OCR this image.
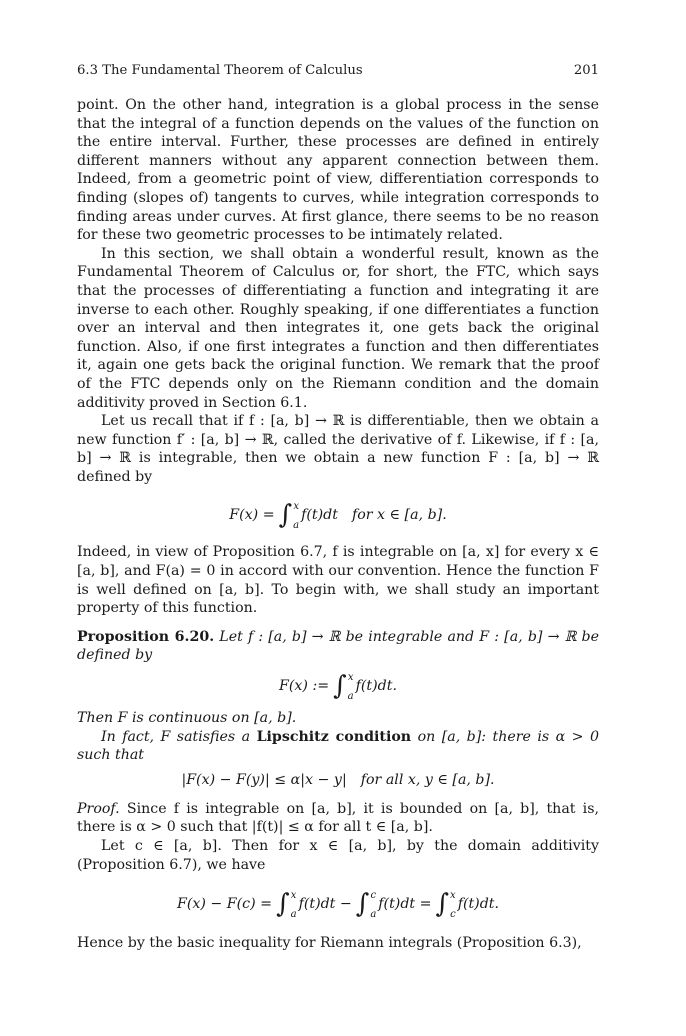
6.3 The Fundamental Theorem of Calculus	201

point. On the other hand, integration is a global process in the sense that the integral of a function depends on the values of the function on the entire interval. Further, these processes are defined in entirely different manners without any apparent connection between them. Indeed, from a geometric point of view, differentiation corresponds to finding (slopes of) tangents to curves, while integration corresponds to finding areas under curves. At first glance, there seems to be no reason for these two geometric processes to be intimately related.

In this section, we shall obtain a wonderful result, known as the Fundamental Theorem of Calculus or, for short, the FTC, which says that the processes of differentiating a function and integrating it are inverse to each other. Roughly speaking, if one differentiates a function over an interval and then integrates it, one gets back the original function. Also, if one first integrates a function and then differentiates it, again one gets back the original function. We remark that the proof of the FTC depends only on the Riemann condition and the domain additivity proved in Section 6.1.

Let us recall that if f : [a, b] → ℝ is differentiable, then we obtain a new function f′ : [a, b] → ℝ, called the derivative of f. Likewise, if f : [a, b] → ℝ is integrable, then we obtain a new function F : [a, b] → ℝ defined by

F(x) = ∫ x
a
f(t)dt for x ∈ [a, b].

Indeed, in view of Proposition 6.7, f is integrable on [a, x] for every x ∈ [a, b], and F(a) = 0 in accord with our convention. Hence the function F is well defined on [a, b]. To begin with, we shall study an important property of this function.

Proposition 6.20. Let f : [a, b] → ℝ be integrable and F : [a, b] → ℝ be defined by

F(x) := ∫ x
a
f(t)dt.

Then F is continuous on [a, b].

In fact, F satisfies a Lipschitz condition on [a, b]: there is α > 0 such that

|F(x) − F(y)| ≤ α|x − y| for all x, y ∈ [a, b].

Proof. Since f is integrable on [a, b], it is bounded on [a, b], that is, there is α > 0 such that |f(t)| ≤ α for all t ∈ [a, b].

Let c ∈ [a, b]. Then for x ∈ [a, b], by the domain additivity (Proposition 6.7), we have

F(x) − F(c) = ∫ x
a
f(t)dt − ∫ c
a
f(t)dt = ∫ x
c
f(t)dt.

Hence by the basic inequality for Riemann integrals (Proposition 6.3),
